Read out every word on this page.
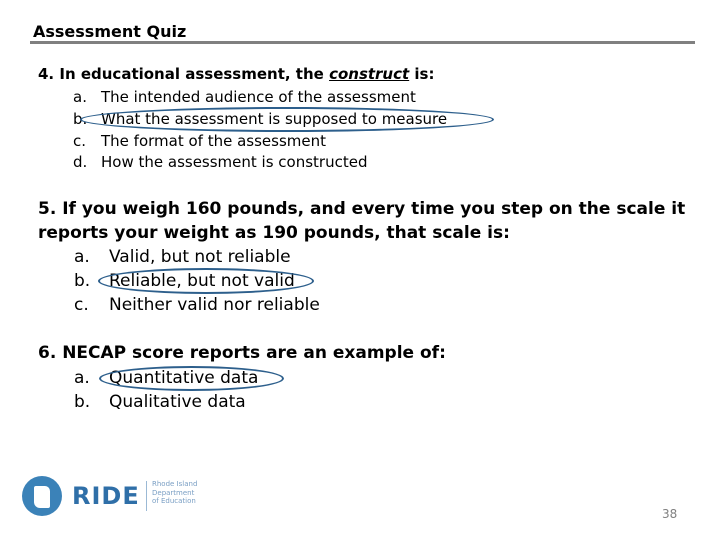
Assessment Quiz
4. In educational assessment, the construct is:
a. The intended audience of the assessment
b. What the assessment is supposed to measure
c. The format of the assessment
d. How the assessment is constructed
5. If you weigh 160 pounds, and every time you step on the scale it
reports your weight as 190 pounds, that scale is:
a. Valid, but not reliable
b. Reliable, but not valid
c. Neither valid nor reliable
6. NECAP score reports are an example of:
a. Quantitative data
b. Qualitative data
RIDE Rhode Island
Department
of Education
38
